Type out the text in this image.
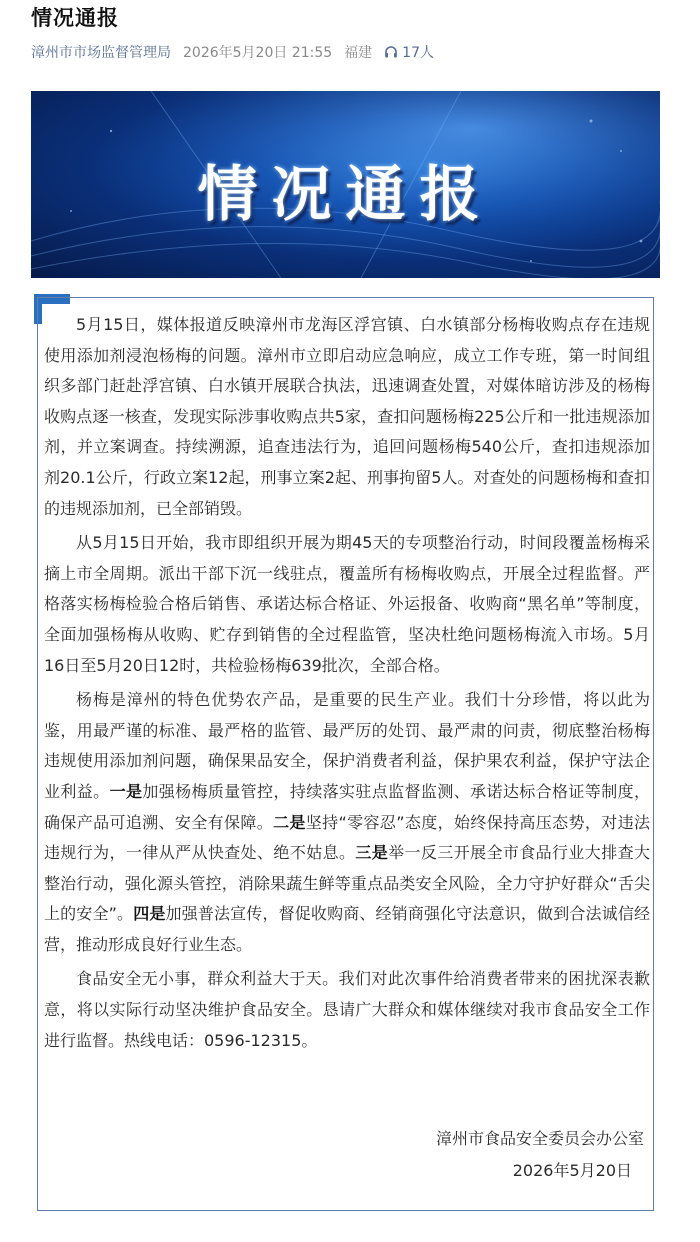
情况通报
漳州市市场监督管理局 2026年5月20日 21:55 福建 17人
情况通报

5月15日，媒体报道反映漳州市龙海区浮宫镇、白水镇部分杨梅收购点存在违规使用添加剂浸泡杨梅的问题。漳州市立即启动应急响应，成立工作专班，第一时间组织多部门赶赴浮宫镇、白水镇开展联合执法，迅速调查处置，对媒体暗访涉及的杨梅收购点逐一核查，发现实际涉事收购点共5家，查扣问题杨梅225公斤和一批违规添加剂，并立案调查。持续溯源，追查违法行为，追回问题杨梅540公斤，查扣违规添加剂20.1公斤，行政立案12起，刑事立案2起、刑事拘留5人。对查处的问题杨梅和查扣的违规添加剂，已全部销毁。

从5月15日开始，我市即组织开展为期45天的专项整治行动，时间段覆盖杨梅采摘上市全周期。派出干部下沉一线驻点，覆盖所有杨梅收购点，开展全过程监督。严格落实杨梅检验合格后销售、承诺达标合格证、外运报备、收购商“黑名单”等制度，全面加强杨梅从收购、贮存到销售的全过程监管，坚决杜绝问题杨梅流入市场。5月16日至5月20日12时，共检验杨梅639批次，全部合格。

杨梅是漳州的特色优势农产品，是重要的民生产业。我们十分珍惜，将以此为鉴，用最严谨的标准、最严格的监管、最严厉的处罚、最严肃的问责，彻底整治杨梅违规使用添加剂问题，确保果品安全，保护消费者利益，保护果农利益，保护守法企业利益。一是加强杨梅质量管控，持续落实驻点监督监测、承诺达标合格证等制度，确保产品可追溯、安全有保障。二是坚持“零容忍”态度，始终保持高压态势，对违法违规行为，一律从严从快查处、绝不姑息。三是举一反三开展全市食品行业大排查大整治行动，强化源头管控，消除果蔬生鲜等重点品类安全风险，全力守护好群众“舌尖上的安全”。四是加强普法宣传，督促收购商、经销商强化守法意识，做到合法诚信经营，推动形成良好行业生态。

食品安全无小事，群众利益大于天。我们对此次事件给消费者带来的困扰深表歉意，将以实际行动坚决维护食品安全。恳请广大群众和媒体继续对我市食品安全工作进行监督。热线电话：0596-12315。

漳州市食品安全委员会办公室
2026年5月20日
